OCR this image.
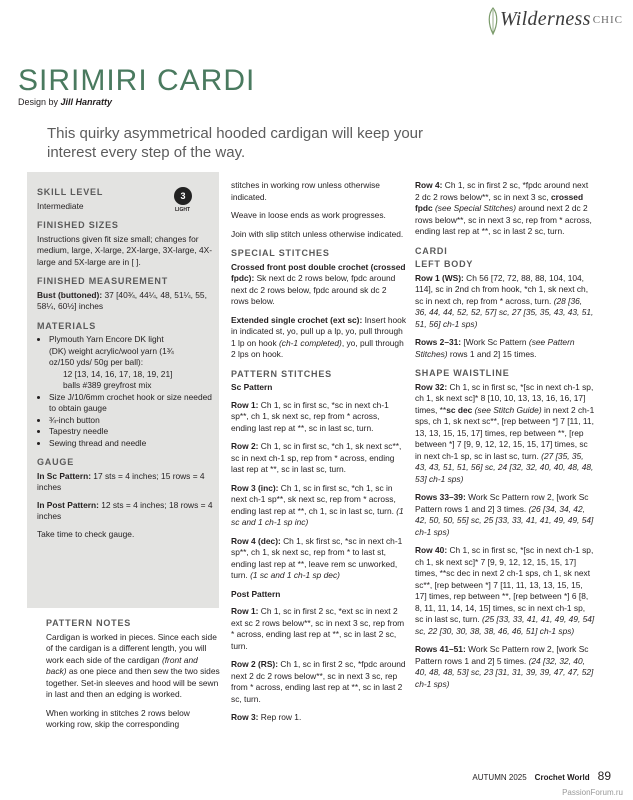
Wilderness CHIC
SIRIMIRI CARDI
Design by Jill Hanratty
This quirky asymmetrical hooded cardigan will keep your interest every step of the way.
SKILL LEVEL
Intermediate
FINISHED SIZES
Instructions given fit size small; changes for medium, large, X-large, 2X-large, 3X-large, 4X-large and 5X-large are in [ ].
FINISHED MEASUREMENT
Bust (buttoned): 37 [40¾, 44¼, 48, 51¼, 55, 58¼, 60½] inches
MATERIALS
• Plymouth Yarn Encore DK light (DK) weight acrylic/wool yarn (1¾ oz/150 yds/ 50g per ball):
12 [13, 14, 16, 17, 18, 19, 21] balls #389 greyfrost mix
• Size J/10/6mm crochet hook or size needed to obtain gauge
• ¾-inch button
• Tapestry needle
• Sewing thread and needle
GAUGE
In Sc Pattern: 17 sts = 4 inches; 15 rows = 4 inches
In Post Pattern: 12 sts = 4 inches; 18 rows = 4 inches
Take time to check gauge.
3
LIGHT
PATTERN NOTES

Cardigan is worked in pieces. Since each side of the cardigan is a different length, you will work each side of the cardigan (front and back) as one piece and then sew the two sides together. Set-in sleeves and hood will be sewn in last and then an edging is worked.

When working in stitches 2 rows below working row, skip the corresponding

stitches in working row unless otherwise indicated.

Weave in loose ends as work progresses.

Join with slip stitch unless otherwise indicated.

SPECIAL STITCHES

Crossed front post double crochet (crossed fpdc): Sk next dc 2 rows below, fpdc around next dc 2 rows below, fpdc around sk dc 2 rows below.

Extended single crochet (ext sc): Insert hook in indicated st, yo, pull up a lp, yo, pull through 1 lp on hook (ch-1 completed), yo, pull through 2 lps on hook.

PATTERN STITCHES
Sc Pattern

Row 1: Ch 1, sc in first sc, *sc in next ch-1 sp**, ch 1, sk next sc, rep from * across, ending last rep at **, sc in last sc, turn.

Row 2: Ch 1, sc in first sc, *ch 1, sk next sc**, sc in next ch-1 sp, rep from * across, ending last rep at **, sc in last sc, turn.

Row 3 (inc): Ch 1, sc in first sc, *ch 1, sc in next ch-1 sp**, sk next sc, rep from * across, ending last rep at **, ch 1, sc in last sc, turn. (1 sc and 1 ch-1 sp inc)

Row 4 (dec): Ch 1, sk first sc, *sc in next ch-1 sp**, ch 1, sk next sc, rep from * to last st, ending last rep at **, leave rem sc unworked, turn. (1 sc and 1 ch-1 sp dec)

Post Pattern

Row 1: Ch 1, sc in first 2 sc, *ext sc in next 2 ext sc 2 rows below**, sc in next 3 sc, rep from * across, ending last rep at **, sc in last 2 sc, turn.

Row 2 (RS): Ch 1, sc in first 2 sc, *fpdc around next 2 dc 2 rows below**, sc in next 3 sc, rep from * across, ending last rep at **, sc in last 2 sc, turn.

Row 3: Rep row 1.

Row 4: Ch 1, sc in first 2 sc, *fpdc around next 2 dc 2 rows below**, sc in next 3 sc, crossed fpdc (see Special Stitches) around next 2 dc 2 rows below**, sc in next 3 sc, rep from * across, ending last rep at **, sc in last 2 sc, turn.

CARDI
LEFT BODY

Row 1 (WS): Ch 56 [72, 72, 88, 88, 104, 104, 114], sc in 2nd ch from hook, *ch 1, sk next ch, sc in next ch, rep from * across, turn. (28 [36, 36, 44, 44, 52, 52, 57] sc, 27 [35, 35, 43, 43, 51, 51, 56] ch-1 sps)

Rows 2–31: [Work Sc Pattern (see Pattern Stitches) rows 1 and 2] 15 times.

SHAPE WAISTLINE

Row 32: Ch 1, sc in first sc, *[sc in next ch-1 sp, ch 1, sk next sc]* 8 [10, 10, 13, 13, 16, 16, 17] times, **sc dec (see Stitch Guide) in next 2 ch-1 sps, ch 1, sk next sc**, [rep between *] 7 [11, 11, 13, 13, 15, 15, 17] times, rep between **, [rep between *] 7 [9, 9, 12, 12, 15, 15, 17] times, sc in next ch-1 sp, sc in last sc, turn. (27 [35, 35, 43, 43, 51, 51, 56] sc, 24 [32, 32, 40, 40, 48, 48, 53] ch-1 sps)

Rows 33–39: Work Sc Pattern row 2, [work Sc Pattern rows 1 and 2] 3 times. (26 [34, 34, 42, 42, 50, 50, 55] sc, 25 [33, 33, 41, 41, 49, 49, 54] ch-1 sps)

Row 40: Ch 1, sc in first sc, *[sc in next ch-1 sp, ch 1, sk next sc]* 7 [9, 9, 12, 12, 15, 15, 17] times, **sc dec in next 2 ch-1 sps, ch 1, sk next sc**, [rep between *] 7 [11, 11, 13, 13, 15, 15, 17] times, rep between **, [rep between *] 6 [8, 8, 11, 11, 14, 14, 15] times, sc in next ch-1 sp, sc in last sc, turn. (25 [33, 33, 41, 41, 49, 49, 54] sc, 22 [30, 30, 38, 38, 46, 46, 51] ch-1 sps)

Rows 41–51: Work Sc Pattern row 2, [work Sc Pattern rows 1 and 2] 5 times. (24 [32, 32, 40, 40, 48, 48, 53] sc, 23 [31, 31, 39, 39, 47, 47, 52] ch-1 sps)

AUTUMN 2025 Crochet World 89
PassionForum.ru
